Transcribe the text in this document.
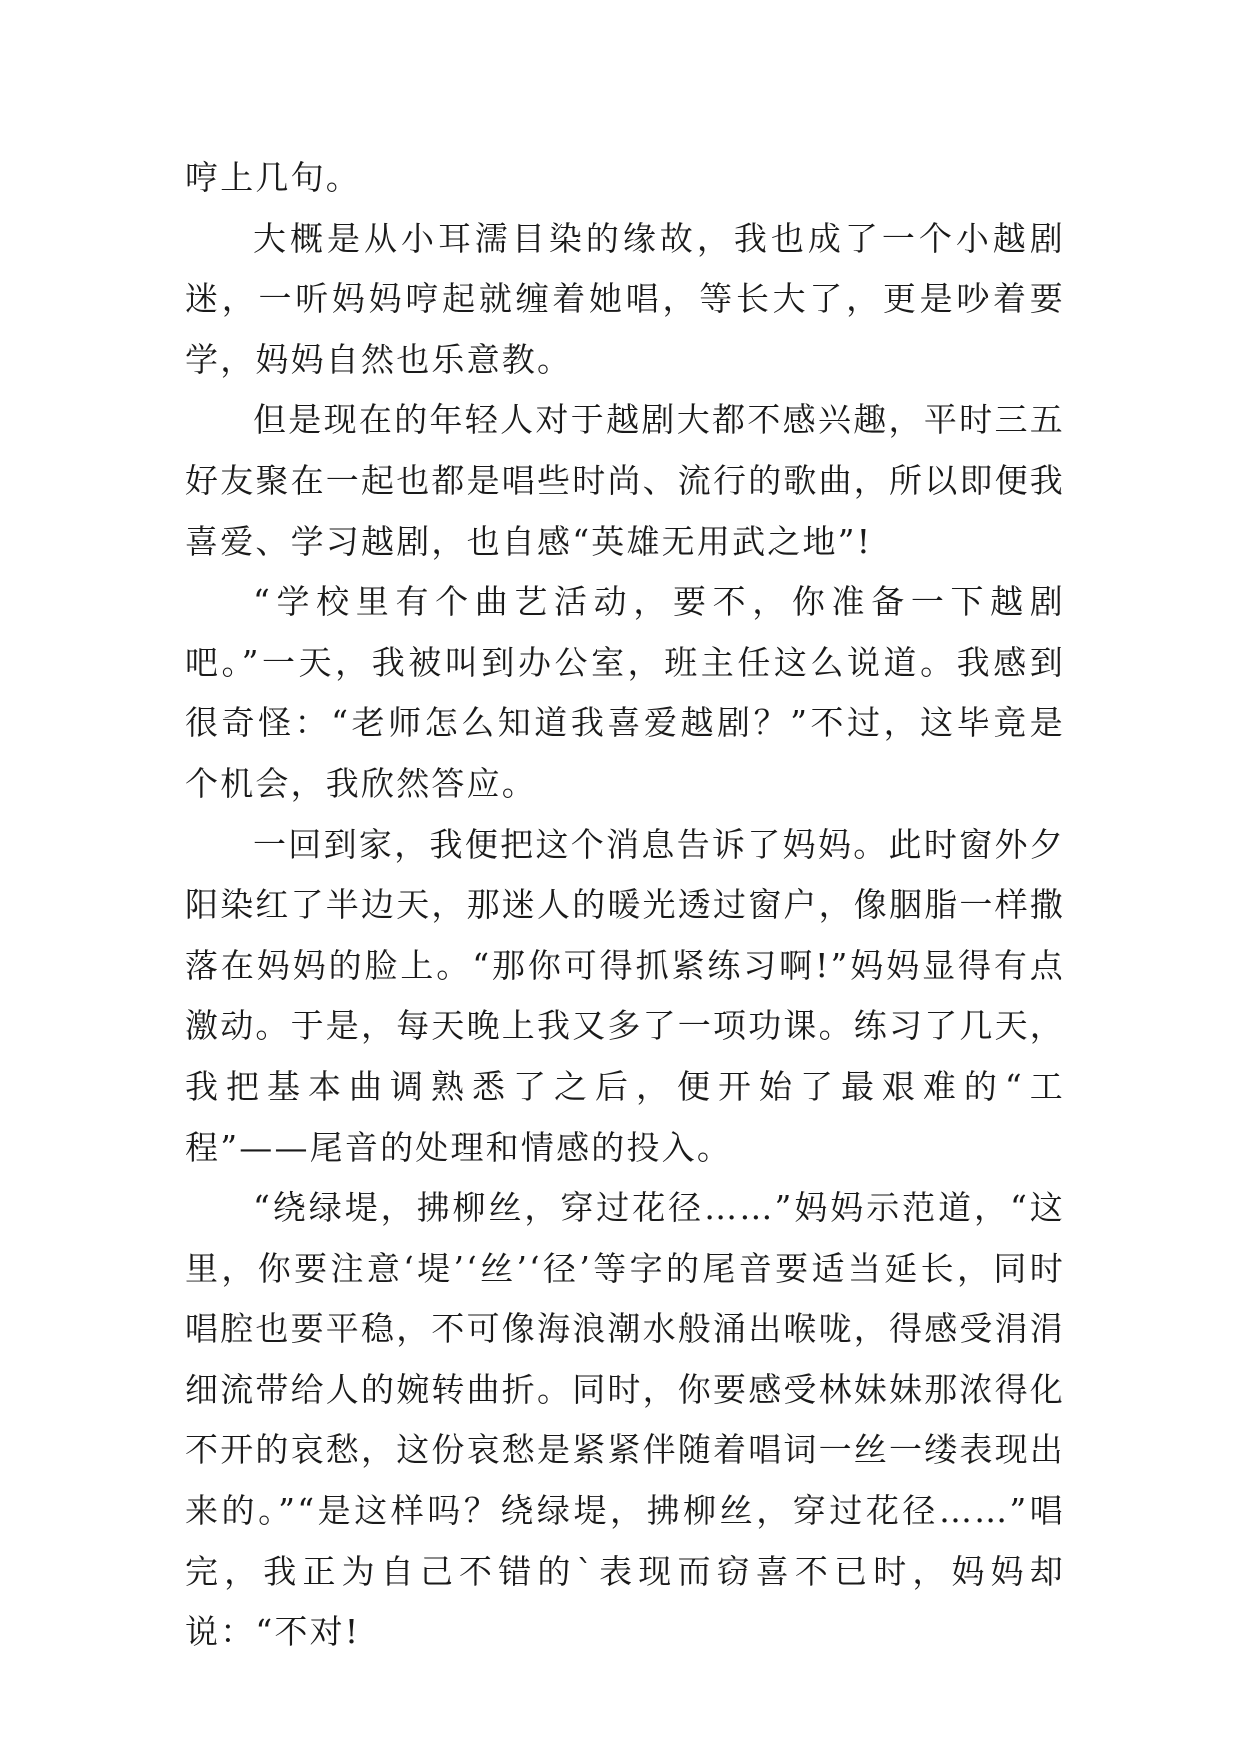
哼上几句。

大概是从小耳濡目染的缘故，我也成了一个小越剧迷，一听妈妈哼起就缠着她唱，等长大了，更是吵着要学，妈妈自然也乐意教。

但是现在的年轻人对于越剧大都不感兴趣，平时三五好友聚在一起也都是唱些时尚、流行的歌曲，所以即便我喜爱、学习越剧，也自感“英雄无用武之地”!

“学校里有个曲艺活动，要不，你准备一下越剧吧。”一天，我被叫到办公室，班主任这么说道。我感到很奇怪：“老师怎么知道我喜爱越剧？”不过，这毕竟是个机会，我欣然答应。

一回到家，我便把这个消息告诉了妈妈。此时窗外夕阳染红了半边天，那迷人的暖光透过窗户，像胭脂一样撒落在妈妈的脸上。“那你可得抓紧练习啊!”妈妈显得有点激动。于是，每天晚上我又多了一项功课。练习了几天，我把基本曲调熟悉了之后，便开始了最艰难的“工程”——尾音的处理和情感的投入。

“绕绿堤，拂柳丝，穿过花径……”妈妈示范道，“这里，你要注意‘堤’‘丝’‘径’等字的尾音要适当延长，同时唱腔也要平稳，不可像海浪潮水般涌出喉咙，得感受涓涓细流带给人的婉转曲折。同时，你要感受林妹妹那浓得化不开的哀愁，这份哀愁是紧紧伴随着唱词一丝一缕表现出来的。”“是这样吗？绕绿堤，拂柳丝，穿过花径……”唱完，我正为自己不错的`表现而窃喜不已时，妈妈却说：“不对!
